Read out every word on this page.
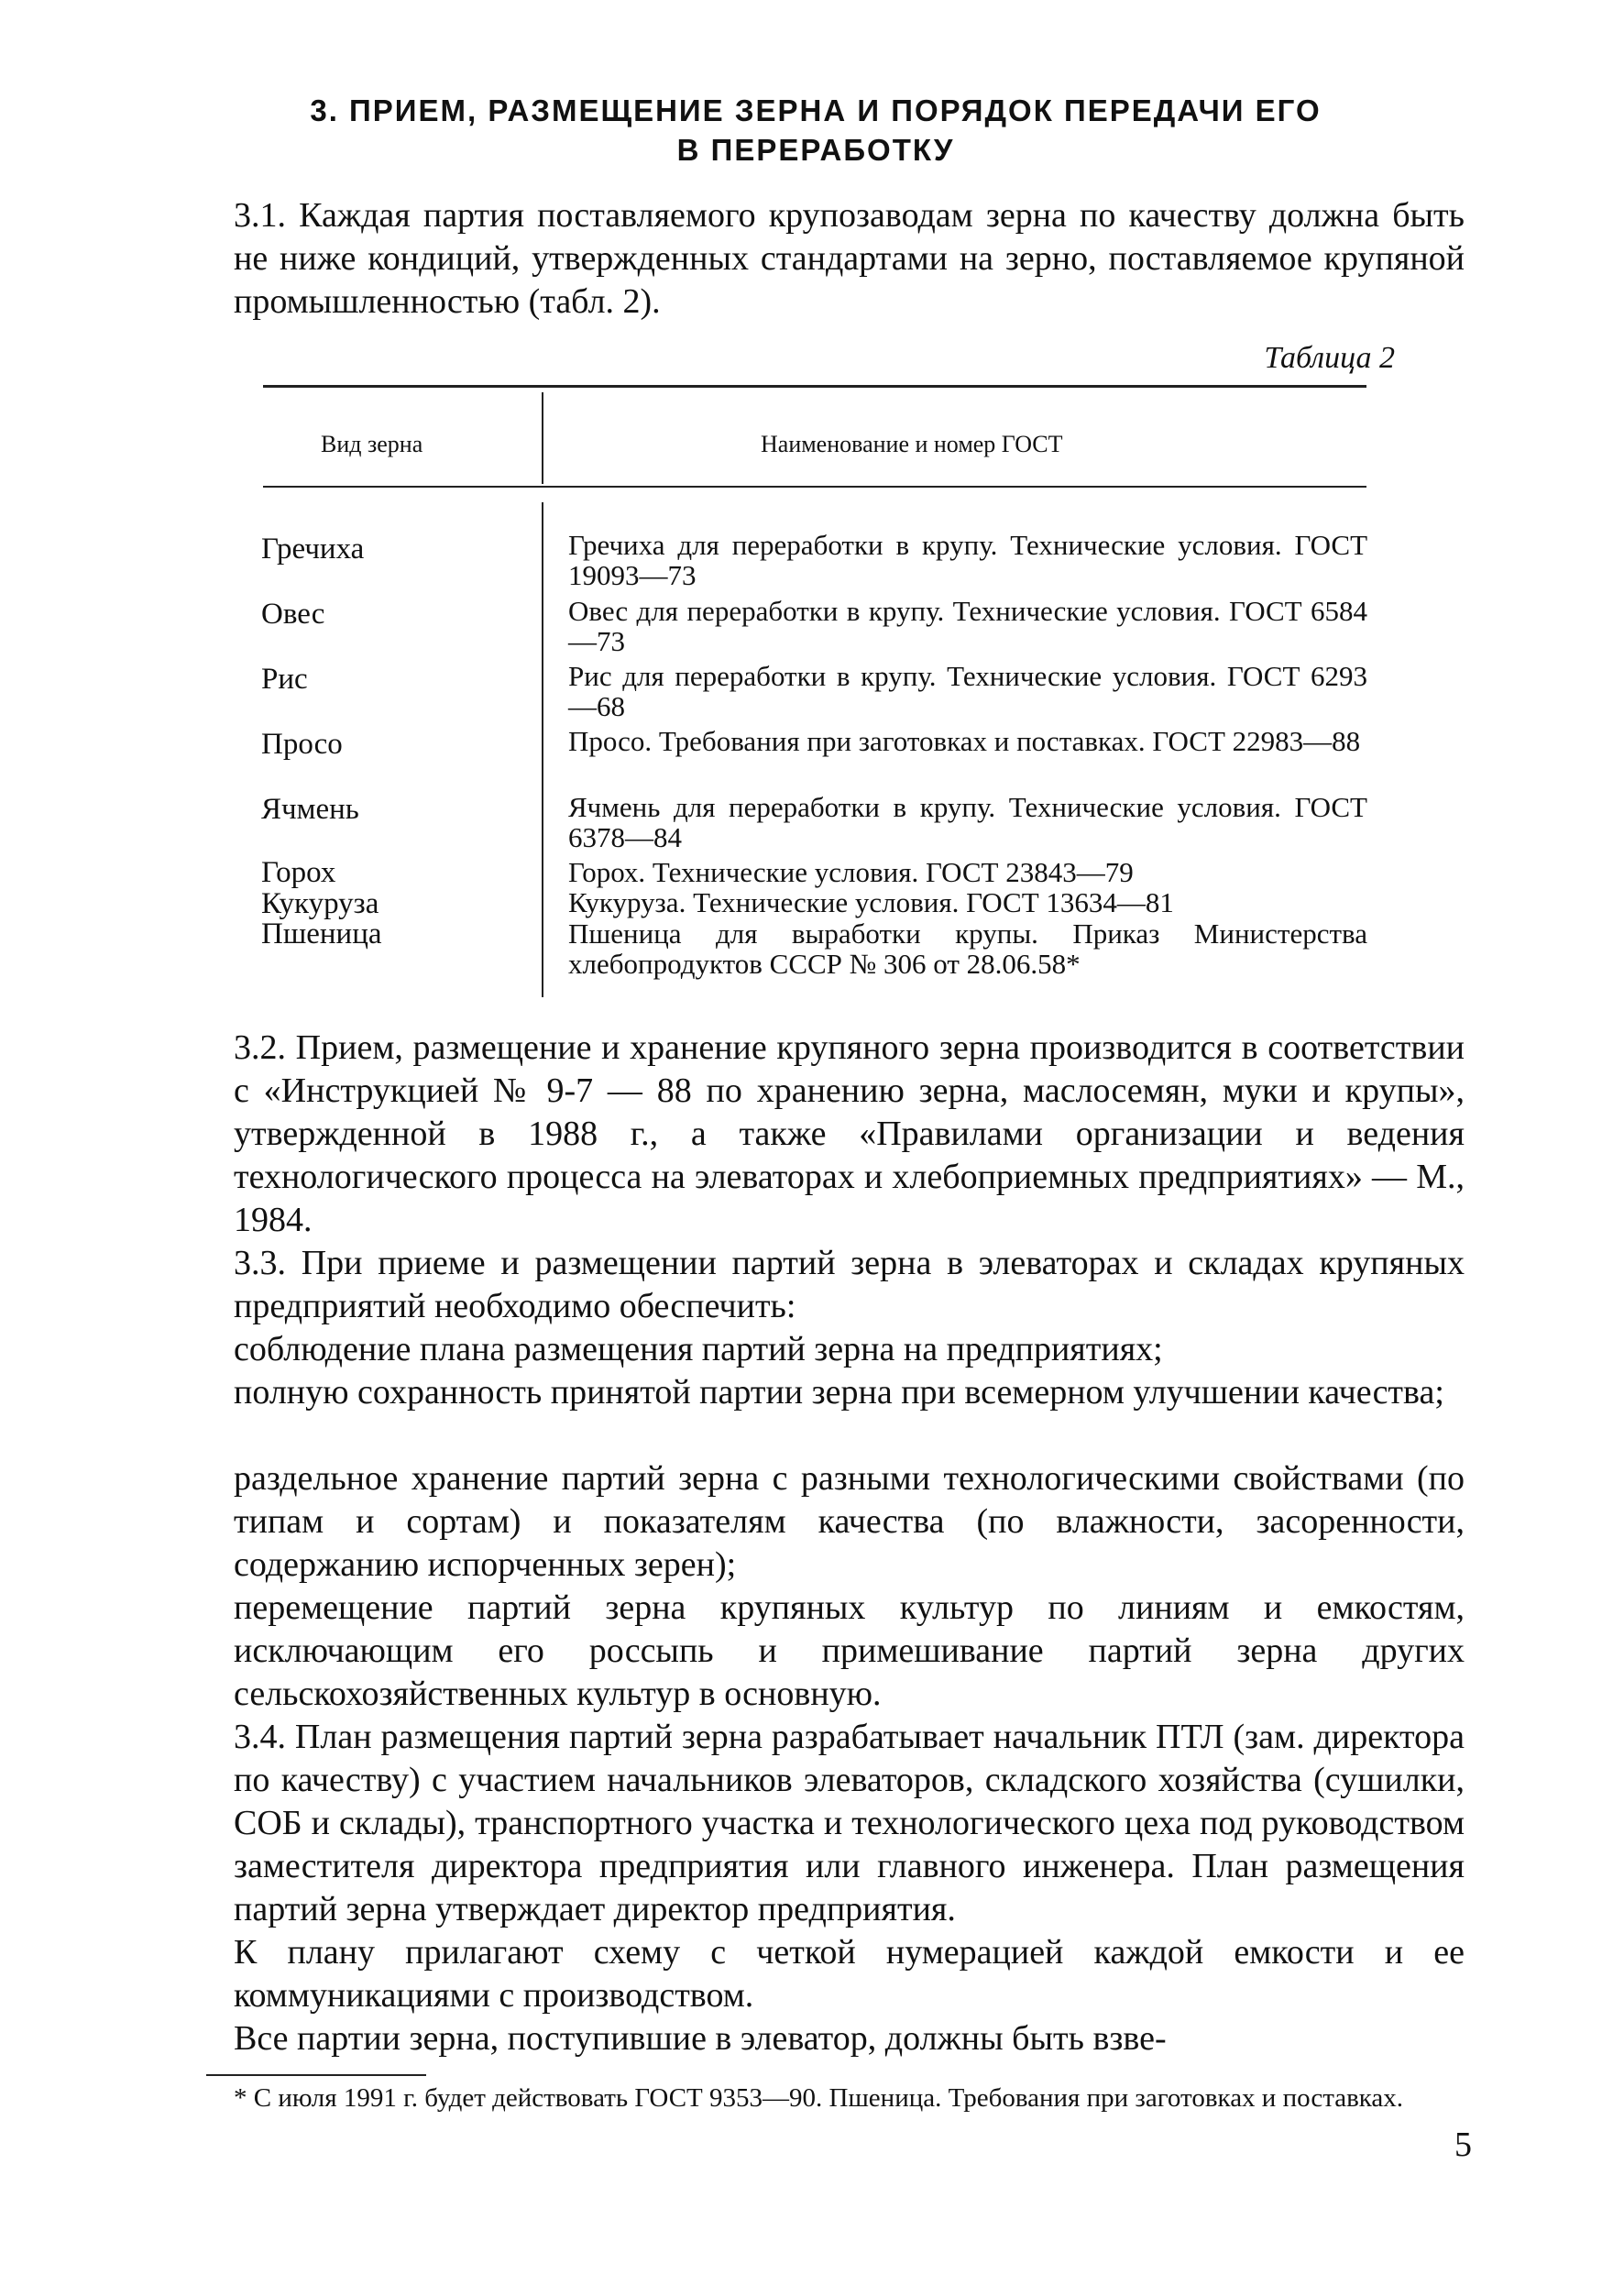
3. ПРИЕМ, РАЗМЕЩЕНИЕ ЗЕРНА И ПОРЯДОК ПЕРЕДАЧИ ЕГО
В ПЕРЕРАБОТКУ
3.1. Каждая партия поставляемого крупозаводам зерна по качеству должна быть не ниже кондиций, утвержденных стандартами на зерно, поставляемое крупяной промышленностью (табл. 2).
Таблица 2
Вид зерна	Наименование и номер ГОСТ
Гречиха	Гречиха для переработки в крупу. Технические условия. ГОСТ 19093—73
Овес	Овес для переработки в крупу. Технические условия. ГОСТ 6584—73
Рис	Рис для переработки в крупу. Технические условия. ГОСТ 6293—68
Просо	Просо. Требования при заготовках и поставках. ГОСТ 22983—88
Ячмень	Ячмень для переработки в крупу. Технические условия. ГОСТ 6378—84
Горох	Горох. Технические условия. ГОСТ 23843—79
Кукуруза	Кукуруза. Технические условия. ГОСТ 13634—81
Пшеница	Пшеница для выработки крупы. Приказ Министерства хлебопродуктов СССР № 306 от 28.06.58*
3.2. Прием, размещение и хранение крупяного зерна производится в соответствии с «Инструкцией № 9-7 — 88 по хранению зерна, маслосемян, муки и крупы», утвержденной в 1988 г., а также «Правилами организации и ведения технологического процесса на элеваторах и хлебоприемных предприятиях» — М., 1984.
3.3. При приеме и размещении партий зерна в элеваторах и складах крупяных предприятий необходимо обеспечить:
соблюдение плана размещения партий зерна на предприятиях;
полную сохранность принятой партии зерна при всемерном улучшении качества;
раздельное хранение партий зерна с разными технологическими свойствами (по типам и сортам) и показателям качества (по влажности, засоренности, содержанию испорченных зерен);
перемещение партий зерна крупяных культур по линиям и емкостям, исключающим его россыпь и примешивание партий зерна других сельскохозяйственных культур в основную.
3.4. План размещения партий зерна разрабатывает начальник ПТЛ (зам. директора по качеству) с участием начальников элеваторов, складского хозяйства (сушилки, СОБ и склады), транспортного участка и технологического цеха под руководством заместителя директора предприятия или главного инженера. План размещения партий зерна утверждает директор предприятия.
К плану прилагают схему с четкой нумерацией каждой емкости и ее коммуникациями с производством.
Все партии зерна, поступившие в элеватор, должны быть взве-
* С июля 1991 г. будет действовать ГОСТ 9353—90. Пшеница. Требования при заготовках и поставках.
5
